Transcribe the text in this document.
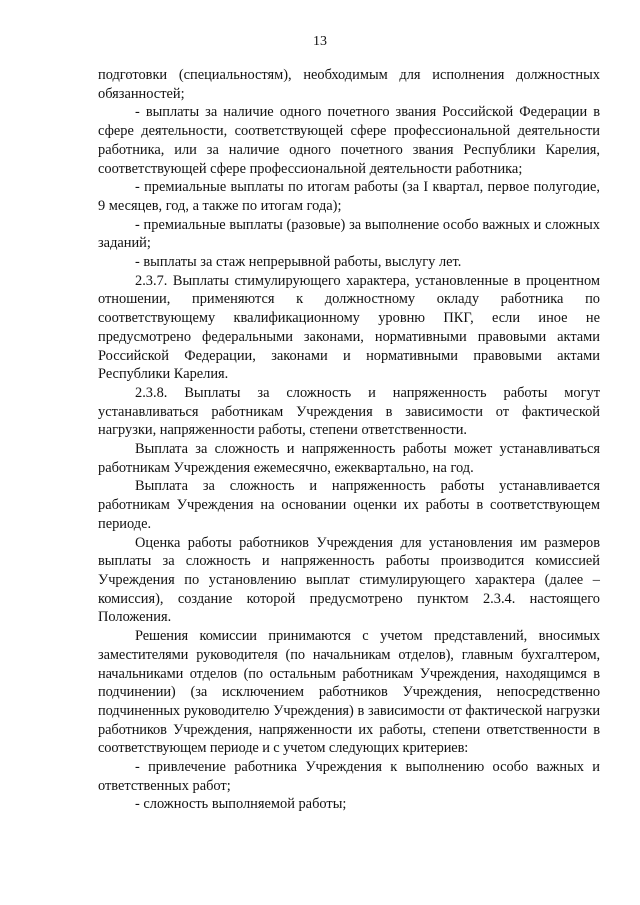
13

подготовки (специальностям), необходимым для исполнения должностных обязанностей;

- выплаты за наличие одного почетного звания Российской Федерации в сфере деятельности, соответствующей сфере профессиональной деятельности работника, или за наличие одного почетного звания Республики Карелия, соответствующей сфере профессиональной деятельности работника;

- премиальные выплаты по итогам работы (за I квартал, первое полугодие, 9 месяцев, год, а также по итогам года);

- премиальные выплаты (разовые) за выполнение особо важных и сложных заданий;

- выплаты за стаж непрерывной работы, выслугу лет.

2.3.7. Выплаты стимулирующего характера, установленные в процентном отношении, применяются к должностному окладу работника по соответствующему квалификационному уровню ПКГ, если иное не предусмотрено федеральными законами, нормативными правовыми актами Российской Федерации, законами и нормативными правовыми актами Республики Карелия.

2.3.8. Выплаты за сложность и напряженность работы могут устанавливаться работникам Учреждения в зависимости от фактической нагрузки, напряженности работы, степени ответственности.

Выплата за сложность и напряженность работы может устанавливаться работникам Учреждения ежемесячно, ежеквартально, на год.

Выплата за сложность и напряженность работы устанавливается работникам Учреждения на основании оценки их работы в соответствующем периоде.

Оценка работы работников Учреждения для установления им размеров выплаты за сложность и напряженность работы производится комиссией Учреждения по установлению выплат стимулирующего характера (далее – комиссия), создание которой предусмотрено пунктом 2.3.4. настоящего Положения.

Решения комиссии принимаются с учетом представлений, вносимых заместителями руководителя (по начальникам отделов), главным бухгалтером, начальниками отделов (по остальным работникам Учреждения, находящимся в подчинении) (за исключением работников Учреждения, непосредственно подчиненных руководителю Учреждения) в зависимости от фактической нагрузки работников Учреждения, напряженности их работы, степени ответственности в соответствующем периоде и с учетом следующих критериев:

- привлечение работника Учреждения к выполнению особо важных и ответственных работ;

- сложность выполняемой работы;
